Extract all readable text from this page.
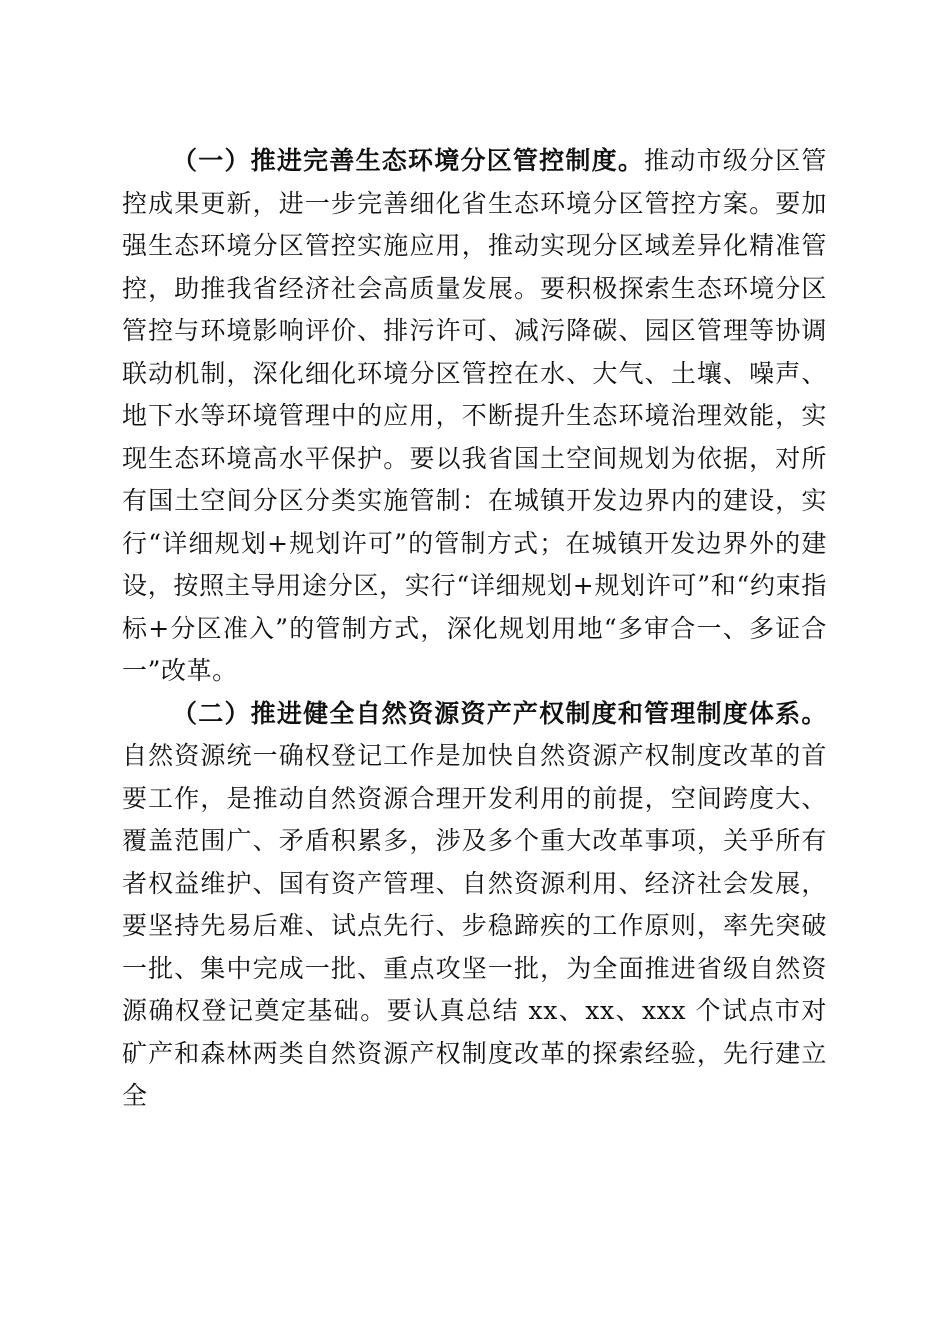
（一）推进完善生态环境分区管控制度。推动市级分区管控成果更新，进一步完善细化省生态环境分区管控方案。要加强生态环境分区管控实施应用，推动实现分区域差异化精准管控，助推我省经济社会高质量发展。要积极探索生态环境分区管控与环境影响评价、排污许可、减污降碳、园区管理等协调联动机制，深化细化环境分区管控在水、大气、土壤、噪声、地下水等环境管理中的应用，不断提升生态环境治理效能，实现生态环境高水平保护。要以我省国土空间规划为依据，对所有国土空间分区分类实施管制：在城镇开发边界内的建设，实行“详细规划+规划许可”的管制方式；在城镇开发边界外的建设，按照主导用途分区，实行“详细规划+规划许可”和“约束指标+分区准入”的管制方式，深化规划用地“多审合一、多证合一”改革。

（二）推进健全自然资源资产产权制度和管理制度体系。自然资源统一确权登记工作是加快自然资源产权制度改革的首要工作，是推动自然资源合理开发利用的前提，空间跨度大、覆盖范围广、矛盾积累多，涉及多个重大改革事项，关乎所有者权益维护、国有资产管理、自然资源利用、经济社会发展，要坚持先易后难、试点先行、步稳蹄疾的工作原则，率先突破一批、集中完成一批、重点攻坚一批，为全面推进省级自然资源确权登记奠定基础。要认真总结 xx、xx、xxx 个试点市对矿产和森林两类自然资源产权制度改革的探索经验，先行建立全
